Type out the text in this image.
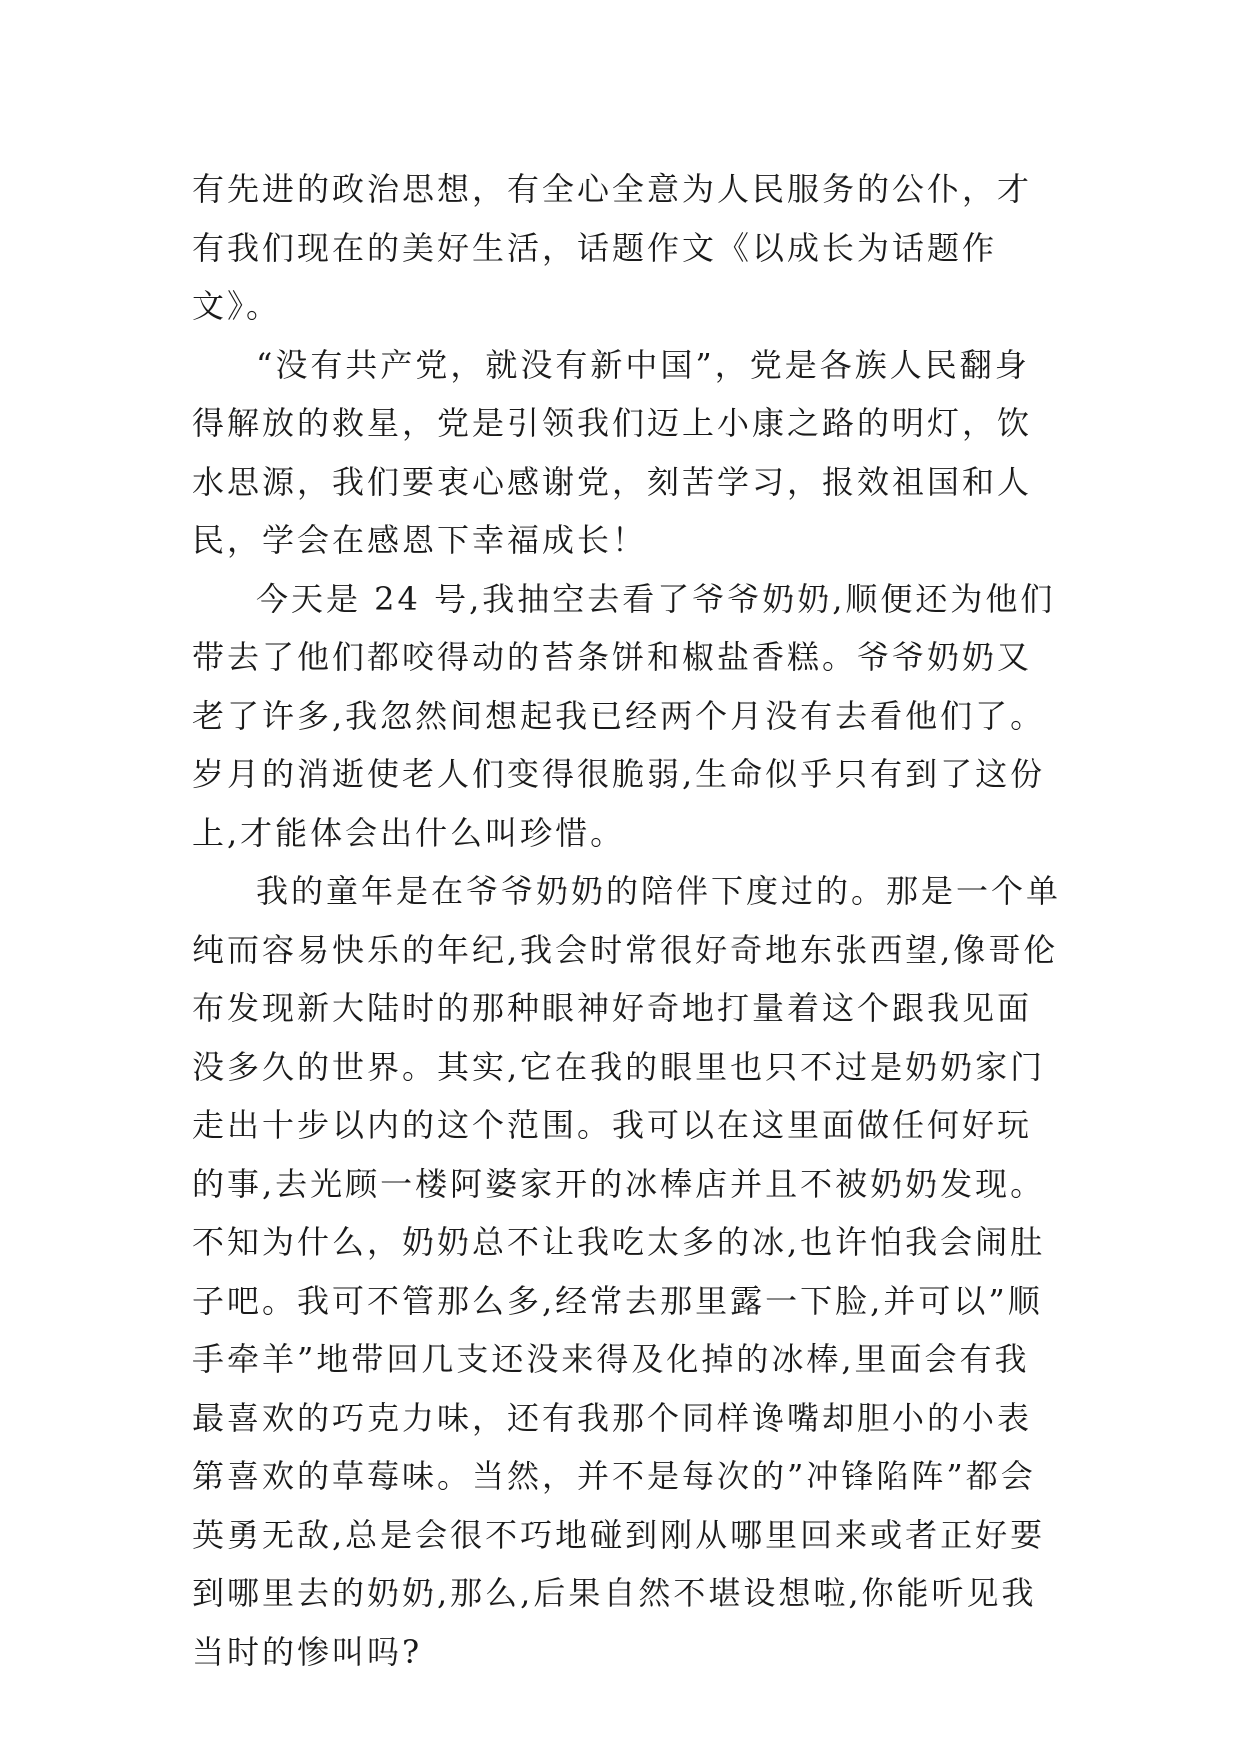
有先进的政治思想，有全心全意为人民服务的公仆，才有我们现在的美好生活，话题作文《以成长为话题作文》。

“没有共产党，就没有新中国”，党是各族人民翻身得解放的救星，党是引领我们迈上小康之路的明灯，饮水思源，我们要衷心感谢党，刻苦学习，报效祖国和人民，学会在感恩下幸福成长！

今天是 24 号,我抽空去看了爷爷奶奶,顺便还为他们带去了他们都咬得动的苔条饼和椒盐香糕。爷爷奶奶又老了许多,我忽然间想起我已经两个月没有去看他们了。岁月的消逝使老人们变得很脆弱,生命似乎只有到了这份上,才能体会出什么叫珍惜。

我的童年是在爷爷奶奶的陪伴下度过的。那是一个单纯而容易快乐的年纪,我会时常很好奇地东张西望,像哥伦布发现新大陆时的那种眼神好奇地打量着这个跟我见面没多久的世界。其实,它在我的眼里也只不过是奶奶家门走出十步以内的这个范围。我可以在这里面做任何好玩的事,去光顾一楼阿婆家开的冰棒店并且不被奶奶发现。不知为什么，奶奶总不让我吃太多的冰,也许怕我会闹肚子吧。我可不管那么多,经常去那里露一下脸,并可以”顺手牵羊”地带回几支还没来得及化掉的冰棒,里面会有我最喜欢的巧克力味，还有我那个同样谗嘴却胆小的小表第喜欢的草莓味。当然，并不是每次的”冲锋陷阵”都会英勇无敌,总是会很不巧地碰到刚从哪里回来或者正好要到哪里去的奶奶,那么,后果自然不堪设想啦,你能听见我当时的惨叫吗?
